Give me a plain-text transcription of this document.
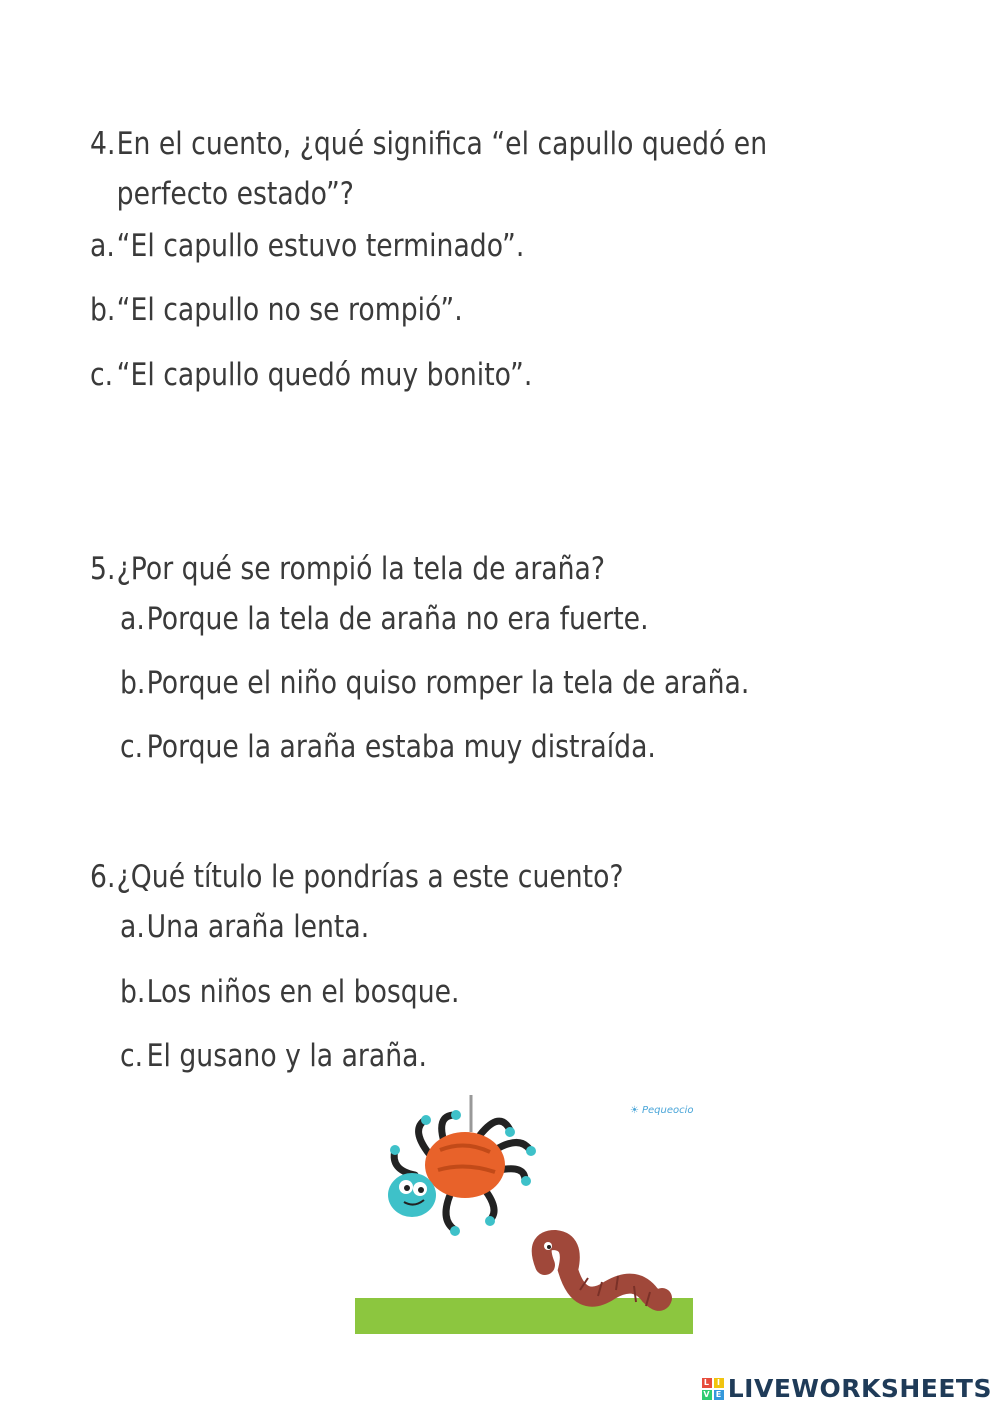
4. En el cuento, ¿qué significa “el capullo quedó en perfecto estado”?
a.“El capullo estuvo terminado”.
b.“El capullo no se rompió”.
c. “El capullo quedó muy bonito”.
5. ¿Por qué se rompió la tela de araña?
a.Porque la tela de araña no era fuerte.
b.Porque el niño quiso romper la tela de araña.
c. Porque la araña estaba muy distraída.
6. ¿Qué título le pondrías a este cuento?
a.Una araña lenta.
b.Los niños en el bosque.
c. El gusano y la araña.
☀ Pequeocio
L I
V E LIVEWORKSHEETS
